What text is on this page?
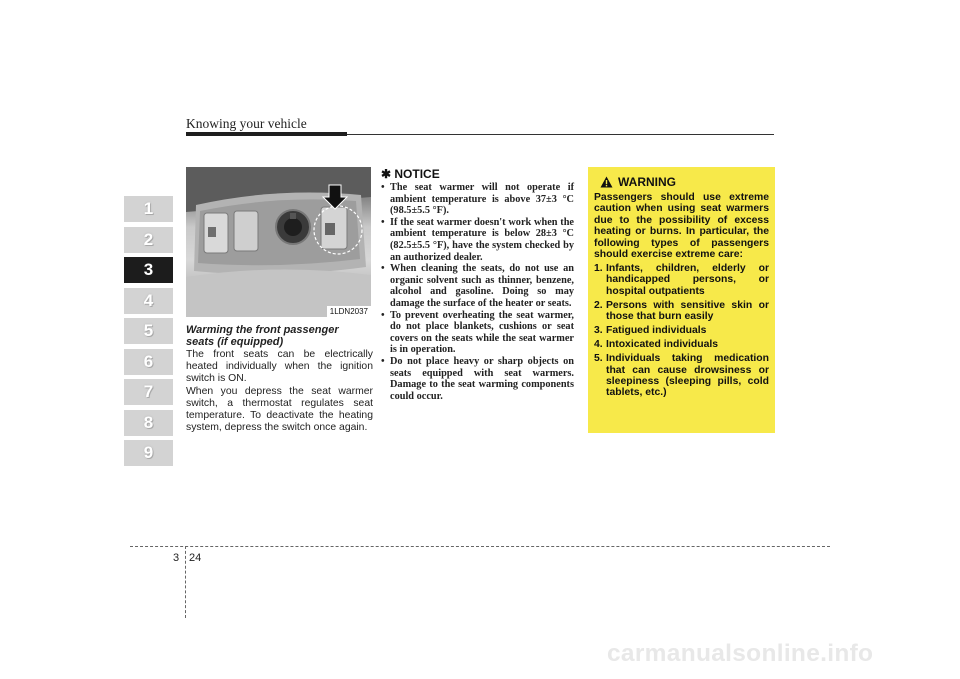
Knowing your vehicle
1
2
3
4
5
6
7
8
9
1LDN2037
Warming the front passenger seats (if equipped)
The front seats can be electrically heated individually when the ignition switch is ON.
When you depress the seat warmer switch, a thermostat regulates seat temperature. To deactivate the heating system, depress the switch once again.
✱ NOTICE
• The seat warmer will not operate if ambient temperature is above 37±3 °C (98.5±5.5 °F).
• If the seat warmer doesn't work when the ambient temperature is below 28±3 °C (82.5±5.5 °F), have the system checked by an authorized dealer.
• When cleaning the seats, do not use an organic solvent such as thinner, benzene, alcohol and gasoline. Doing so may damage the surface of the heater or seats.
• To prevent overheating the seat warmer, do not place blankets, cushions or seat covers on the seats while the seat warmer is in operation.
• Do not place heavy or sharp objects on seats equipped with seat warmers. Damage to the seat warming components could occur.
WARNING
Passengers should use extreme caution when using seat warmers due to the possibility of excess heating or burns. In particular, the following types of passengers should exercise extreme care:
1. Infants, children, elderly or handicapped persons, or hospital outpatients
2. Persons with sensitive skin or those that burn easily
3. Fatigued individuals
4. Intoxicated individuals
5. Individuals taking medication that can cause drowsiness or sleepiness (sleeping pills, cold tablets, etc.)
3 24
carmanualsonline.info
